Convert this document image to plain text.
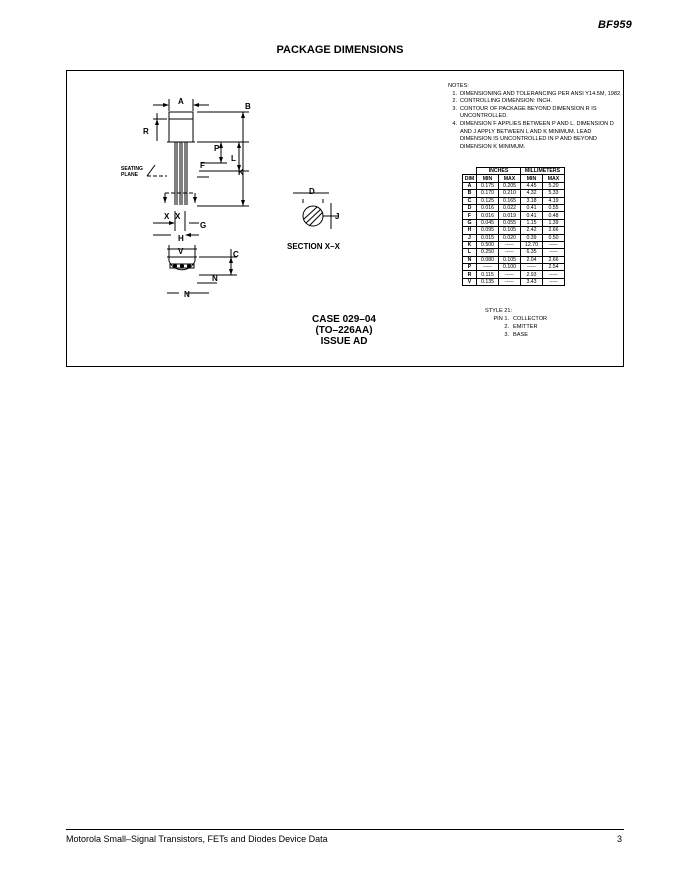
BF959
PACKAGE DIMENSIONS
A
B
R
P
L
F
K
X X
G
H
V	C
N
N
D
J
SEATING
PLANE
SECTION X–X
NOTES:
1. DIMENSIONING AND TOLERANCING PER ANSI Y14.5M, 1982.
2. CONTROLLING DIMENSION: INCH.
3. CONTOUR OF PACKAGE BEYOND DIMENSION R IS UNCONTROLLED.
4. DIMENSION F APPLIES BETWEEN P AND L. DIMENSION D AND J APPLY BETWEEN L AND K MINIMUM. LEAD DIMENSION IS UNCONTROLLED IN P AND BEYOND DIMENSION K MINIMUM.
	INCHES		MILLIMETERS	
DIM	MIN	MAX	MIN	MAX
A	0.175	0.205	4.45	5.20
B	0.170	0.210	4.32	5.33
C	0.125	0.165	3.18	4.19
D	0.016	0.022	0.41	0.55
F	0.016	0.019	0.41	0.48
G	0.045	0.055	1.15	1.39
H	0.095	0.105	2.42	2.66
J	0.015	0.020	0.39	0.50
K	0.500	-----	12.70	-----
L	0.250	-----	6.35	-----
N	0.080	0.105	2.04	2.66
P	-----	0.100	-----	2.54
R	0.115	-----	2.93	-----
V	0.135	-----	3.43	-----
STYLE 21:
PIN 1. COLLECTOR
2. EMITTER
3. BASE
CASE 029–04
(TO–226AA)
ISSUE AD
Motorola Small–Signal Transistors, FETs and Diodes Device Data	3
